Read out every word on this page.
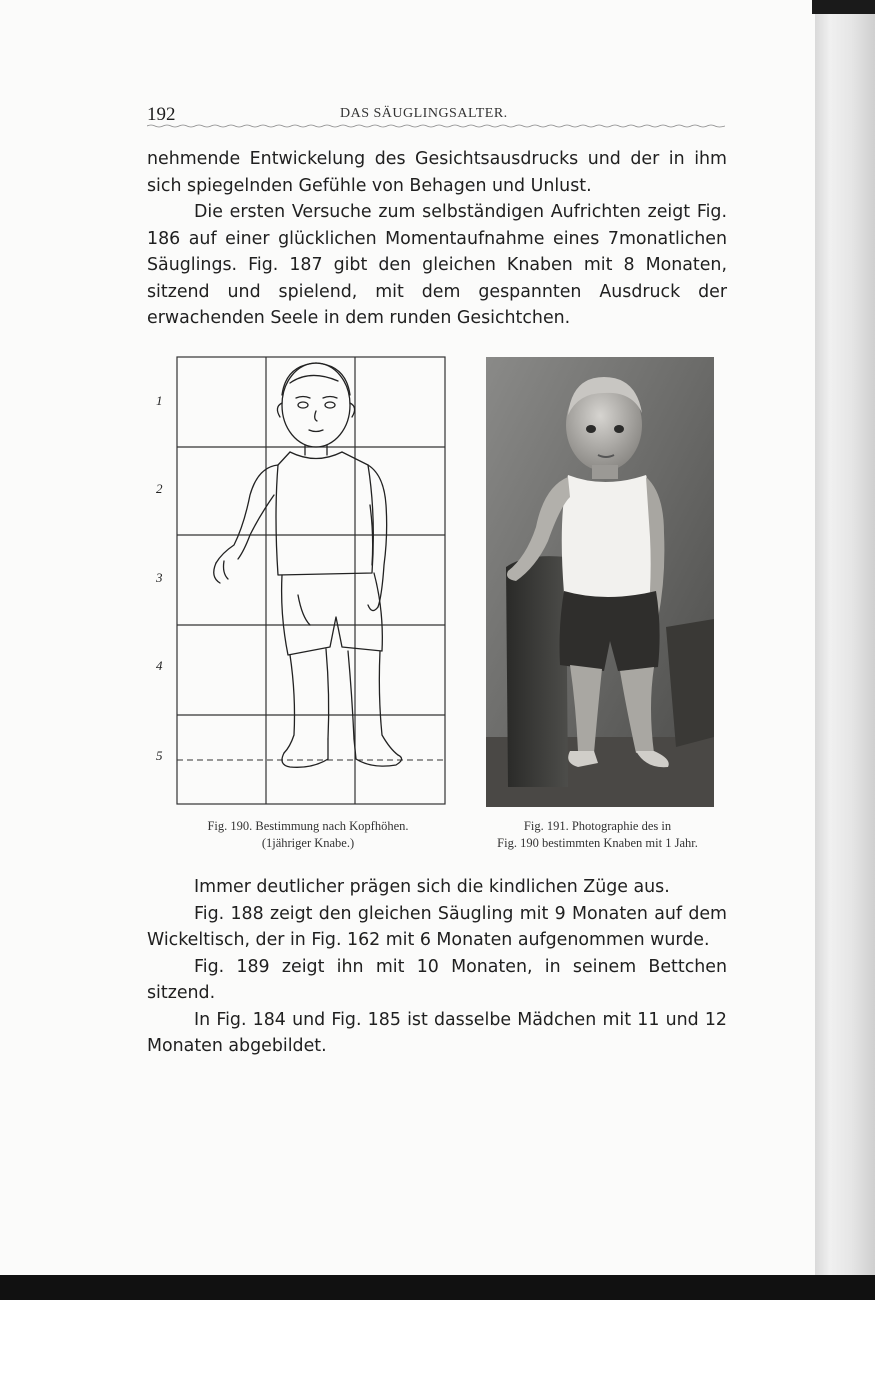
192	DAS SÄUGLINGSALTER.

nehmende Entwickelung des Gesichtsausdrucks und der in ihm sich spiegelnden Gefühle von Behagen und Unlust.

Die ersten Versuche zum selbständigen Aufrichten zeigt Fig. 186 auf einer glücklichen Momentaufnahme eines 7monatlichen Säuglings. Fig. 187 gibt den gleichen Knaben mit 8 Monaten, sitzend und spielend, mit dem gespannten Ausdruck der erwachenden Seele in dem runden Gesichtchen.

1
2
3
4
5
Fig. 190. Bestimmung nach Kopfhöhen.
(1jähriger Knabe.)
Fig. 191. Photographie des in
Fig. 190 bestimmten Knaben mit 1 Jahr.

Immer deutlicher prägen sich die kindlichen Züge aus.

Fig. 188 zeigt den gleichen Säugling mit 9 Monaten auf dem Wickeltisch, der in Fig. 162 mit 6 Monaten aufgenommen wurde.

Fig. 189 zeigt ihn mit 10 Monaten, in seinem Bettchen sitzend.

In Fig. 184 und Fig. 185 ist dasselbe Mädchen mit 11 und 12 Monaten abgebildet.
